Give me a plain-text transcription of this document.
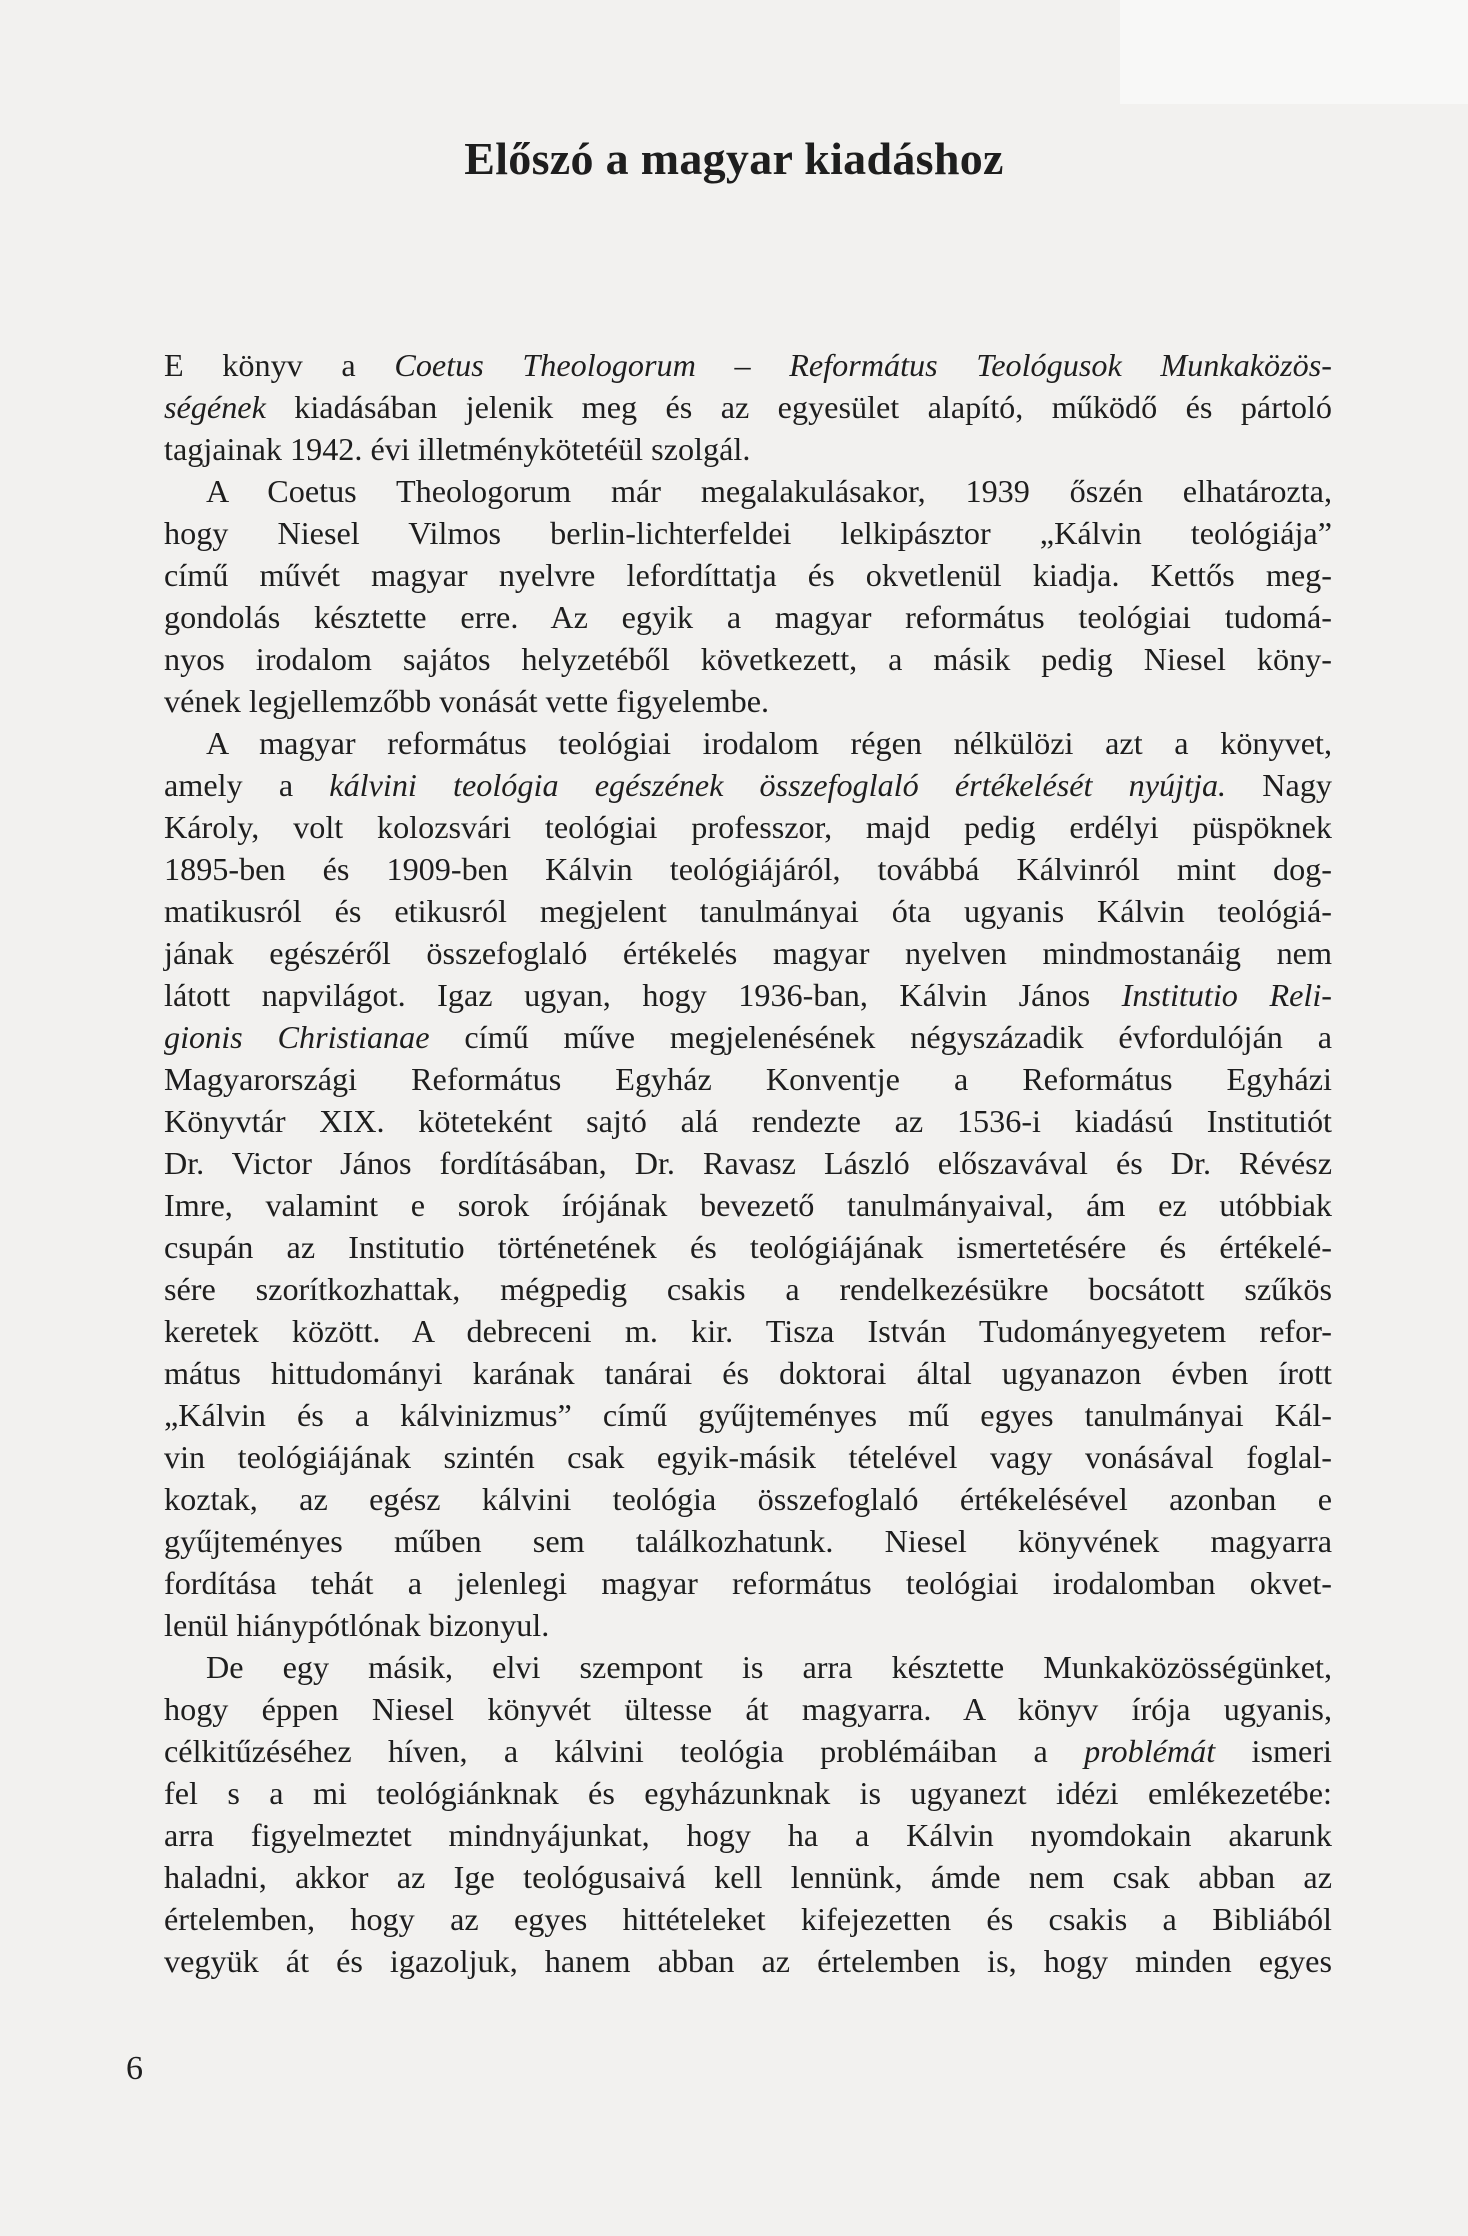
Előszó a magyar kiadáshoz
E könyv a Coetus Theologorum – Református Teológusok Munkaközös-
ségének kiadásában jelenik meg és az egyesület alapító, működő és pártoló
tagjainak 1942. évi illetménykötetéül szolgál.
A Coetus Theologorum már megalakulásakor, 1939 őszén elhatározta,
hogy Niesel Vilmos berlin-lichterfeldei lelkipásztor „Kálvin teológiája”
című művét magyar nyelvre lefordíttatja és okvetlenül kiadja. Kettős meg-
gondolás késztette erre. Az egyik a magyar református teológiai tudomá-
nyos irodalom sajátos helyzetéből következett, a másik pedig Niesel köny-
vének legjellemzőbb vonását vette figyelembe.
A magyar református teológiai irodalom régen nélkülözi azt a könyvet,
amely a kálvini teológia egészének összefoglaló értékelését nyújtja. Nagy
Károly, volt kolozsvári teológiai professzor, majd pedig erdélyi püspöknek
1895-ben és 1909-ben Kálvin teológiájáról, továbbá Kálvinról mint dog-
matikusról és etikusról megjelent tanulmányai óta ugyanis Kálvin teológiá-
jának egészéről összefoglaló értékelés magyar nyelven mindmostanáig nem
látott napvilágot. Igaz ugyan, hogy 1936-ban, Kálvin János Institutio Reli-
gionis Christianae című műve megjelenésének négyszázadik évfordulóján a
Magyarországi Református Egyház Konventje a Református Egyházi
Könyvtár XIX. köteteként sajtó alá rendezte az 1536-i kiadású Institutiót
Dr. Victor János fordításában, Dr. Ravasz László előszavával és Dr. Révész
Imre, valamint e sorok írójának bevezető tanulmányaival, ám ez utóbbiak
csupán az Institutio történetének és teológiájának ismertetésére és értékelé-
sére szorítkozhattak, mégpedig csakis a rendelkezésükre bocsátott szűkös
keretek között. A debreceni m. kir. Tisza István Tudományegyetem refor-
mátus hittudományi karának tanárai és doktorai által ugyanazon évben írott
„Kálvin és a kálvinizmus” című gyűjteményes mű egyes tanulmányai Kál-
vin teológiájának szintén csak egyik-másik tételével vagy vonásával foglal-
koztak, az egész kálvini teológia összefoglaló értékelésével azonban e
gyűjteményes műben sem találkozhatunk. Niesel könyvének magyarra
fordítása tehát a jelenlegi magyar református teológiai irodalomban okvet-
lenül hiánypótlónak bizonyul.
De egy másik, elvi szempont is arra késztette Munkaközösségünket,
hogy éppen Niesel könyvét ültesse át magyarra. A könyv írója ugyanis,
célkitűzéséhez híven, a kálvini teológia problémáiban a problémát ismeri
fel s a mi teológiánknak és egyházunknak is ugyanezt idézi emlékezetébe:
arra figyelmeztet mindnyájunkat, hogy ha a Kálvin nyomdokain akarunk
haladni, akkor az Ige teológusaivá kell lennünk, ámde nem csak abban az
értelemben, hogy az egyes hittételeket kifejezetten és csakis a Bibliából
vegyük át és igazoljuk, hanem abban az értelemben is, hogy minden egyes
6
